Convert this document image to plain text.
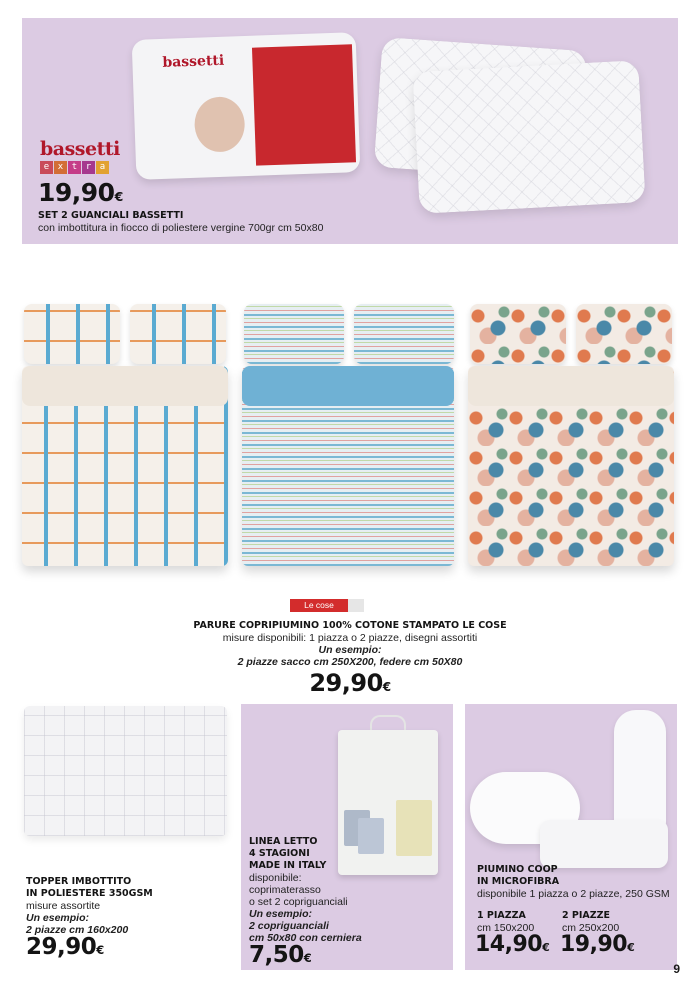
bassetti
bassetti
e x t r a
19,90€
SET 2 GUANCIALI BASSETTI
con imbottitura in fiocco di poliestere vergine 700gr cm 50x80
Le cose
PARURE COPRIPIUMINO 100% COTONE STAMPATO LE COSE
misure disponibili: 1 piazza o 2 piazze, disegni assortiti
Un esempio:
2 piazze sacco cm 250X200, federe cm 50X80
29,90€
TOPPER IMBOTTITO
IN POLIESTERE 350GSM
misure assortite
Un esempio:
2 piazze cm 160x200
29,90€
LINEA LETTO
4 STAGIONI
MADE IN ITALY
disponibile:
coprimaterasso
o set 2 copriguanciali
Un esempio:
2 copriguanciali
cm 50x80 con cerniera
7,50€
PIUMINO COOP
IN MICROFIBRA
disponibile 1 piazza o 2 piazze, 250 GSM
1 PIAZZA
cm 150x200
14,90€
2 PIAZZE
cm 250x200
19,90€
9
